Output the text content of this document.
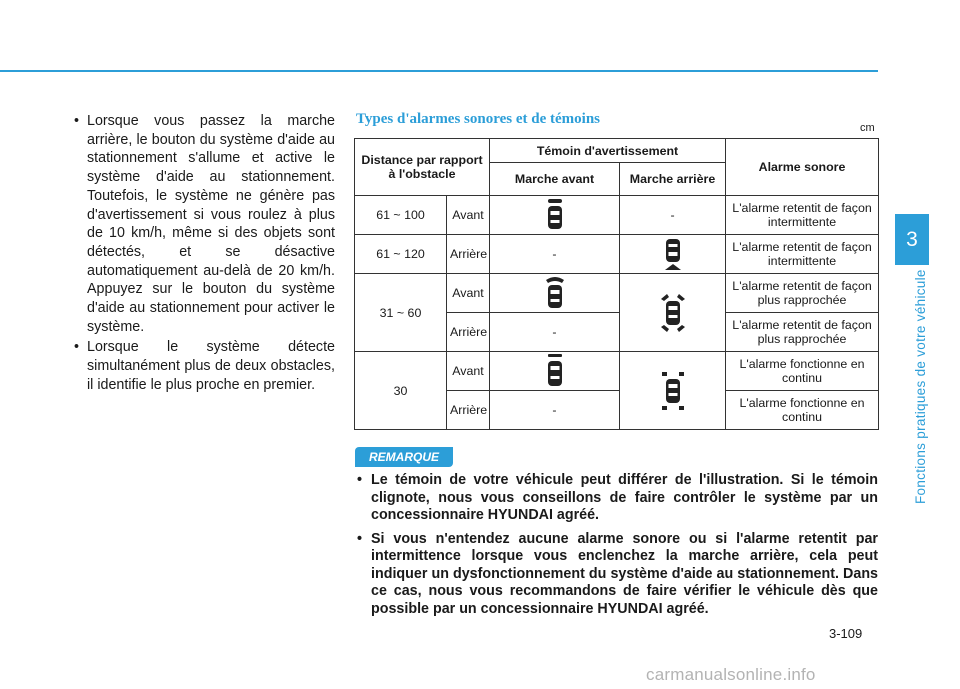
• Lorsque vous passez la marche arrière, le bouton du système d'aide au stationnement s'allume et active le système d'aide au stationnement. Toutefois, le système ne génère pas d'avertissement si vous roulez à plus de 10 km/h, même si des objets sont détectés, et se désactive automatiquement au-delà de 20 km/h. Appuyez sur le bouton du système d'aide au stationnement pour activer le système.
• Lorsque le système détecte simultanément plus de deux obstacles, il identifie le plus proche en premier.
Types d'alarmes sonores et de témoins
cm
Distance par rapport à l'obstacle		Témoin d'avertissement		Alarme sonore
		Marche avant	Marche arrière	
61 ~ 100	Avant		-	L'alarme retentit de façon intermittente
61 ~ 120	Arrière	-		L'alarme retentit de façon intermittente
31 ~ 60	Avant			L'alarme retentit de façon plus rapprochée
	Arrière	-		L'alarme retentit de façon plus rapprochée
30	Avant			L'alarme fonctionne en continu
	Arrière	-		L'alarme fonctionne en continu
REMARQUE
• Le témoin de votre véhicule peut différer de l'illustration. Si le témoin clignote, nous vous conseillons de faire contrôler le système par un concessionnaire HYUNDAI agréé.
• Si vous n'entendez aucune alarme sonore ou si l'alarme retentit par intermittence lorsque vous enclenchez la marche arrière, cela peut indiquer un dysfonctionnement du système d'aide au stationnement. Dans ce cas, nous vous recommandons de faire vérifier le véhicule dès que possible par un concessionnaire HYUNDAI agréé.
3-109
3
Fonctions pratiques de votre véhicule
carmanualsonline.info
